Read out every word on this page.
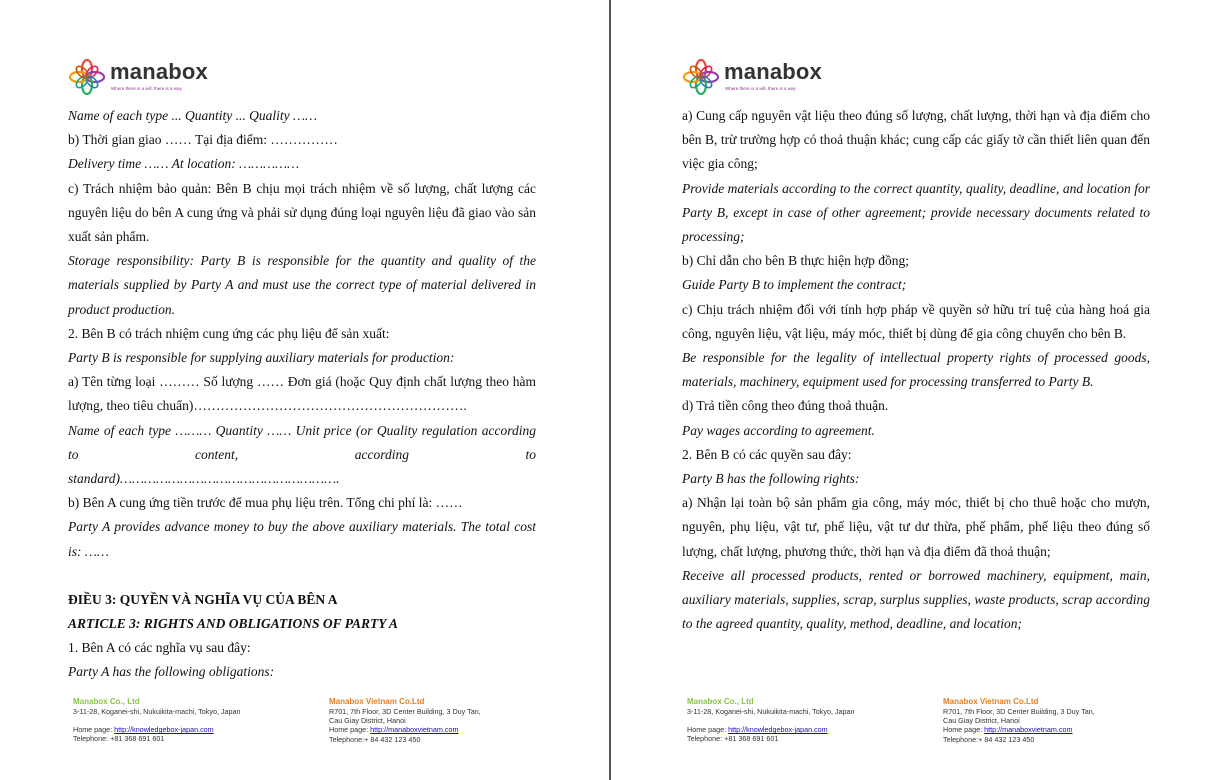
manabox
Where there is a will, there is a way
Name of each type ... Quantity ... Quality ……
b) Thời gian giao …… Tại địa điểm: ……………
Delivery time …… At location: ……………
c) Trách nhiệm bảo quản: Bên B chịu mọi trách nhiệm về số lượng, chất lượng các nguyên liệu do bên A cung ứng và phải sử dụng đúng loại nguyên liệu đã giao vào sản xuất sản phẩm.
Storage responsibility: Party B is responsible for the quantity and quality of the materials supplied by Party A and must use the correct type of material delivered in product production.
2. Bên B có trách nhiệm cung ứng các phụ liệu để sản xuất:
Party B is responsible for supplying auxiliary materials for production:
a) Tên từng loại ……… Số lượng …… Đơn giá (hoặc Quy định chất lượng theo hàm lượng, theo tiêu chuẩn)…………………………………………………….
Name of each type ……… Quantity …… Unit price (or Quality regulation according to content, according to
standard)……………………………………………….
b) Bên A cung ứng tiền trước để mua phụ liệu trên. Tổng chi phí là: ……
Party A provides advance money to buy the above auxiliary materials. The total cost is: ……
ĐIỀU 3: QUYỀN VÀ NGHĨA VỤ CỦA BÊN A
ARTICLE 3: RIGHTS AND OBLIGATIONS OF PARTY A
1. Bên A có các nghĩa vụ sau đây:
Party A has the following obligations:
Manabox Co., Ltd
3-11-28, Koganei-shi, Nukuikita-machi, Tokyo, Japan
Home page: http://knowledgebox-japan.com
Telephone: +81 368 691 601
Manabox Vietnam Co.Ltd
R701, 7th Floor, 3D Center Building, 3 Duy Tan,
Cau Giay District, Hanoi
Home page: http://manaboxvietnam.com
Telephone:+ 84 432 123 450
manabox
Where there is a will, there is a way
a) Cung cấp nguyên vật liệu theo đúng số lượng, chất lượng, thời hạn và địa điểm cho bên B, trừ trường hợp có thoả thuận khác; cung cấp các giấy tờ cần thiết liên quan đến việc gia công;
Provide materials according to the correct quantity, quality, deadline, and location for Party B, except in case of other agreement; provide necessary documents related to processing;
b) Chỉ dẫn cho bên B thực hiện hợp đồng;
Guide Party B to implement the contract;
c) Chịu trách nhiệm đối với tính hợp pháp về quyền sở hữu trí tuệ của hàng hoá gia công, nguyên liệu, vật liệu, máy móc, thiết bị dùng để gia công chuyển cho bên B.
Be responsible for the legality of intellectual property rights of processed goods, materials, machinery, equipment used for processing transferred to Party B.
d) Trả tiền công theo đúng thoả thuận.
Pay wages according to agreement.
2. Bên B có các quyền sau đây:
Party B has the following rights:
a) Nhận lại toàn bộ sản phẩm gia công, máy móc, thiết bị cho thuê hoặc cho mượn, nguyên, phụ liệu, vật tư, phế liệu, vật tư dư thừa, phế phẩm, phế liệu theo đúng số lượng, chất lượng, phương thức, thời hạn và địa điểm đã thoả thuận;
Receive all processed products, rented or borrowed machinery, equipment, main, auxiliary materials, supplies, scrap, surplus supplies, waste products, scrap according to the agreed quantity, quality, method, deadline, and location;
Manabox Co., Ltd
3-11-28, Koganei-shi, Nukuikita-machi, Tokyo, Japan
Home page: http://knowledgebox-japan.com
Telephone: +81 368 691 601
Manabox Vietnam Co.Ltd
R701, 7th Floor, 3D Center Building, 3 Duy Tan,
Cau Giay District, Hanoi
Home page: http://manaboxvietnam.com
Telephone:+ 84 432 123 450
